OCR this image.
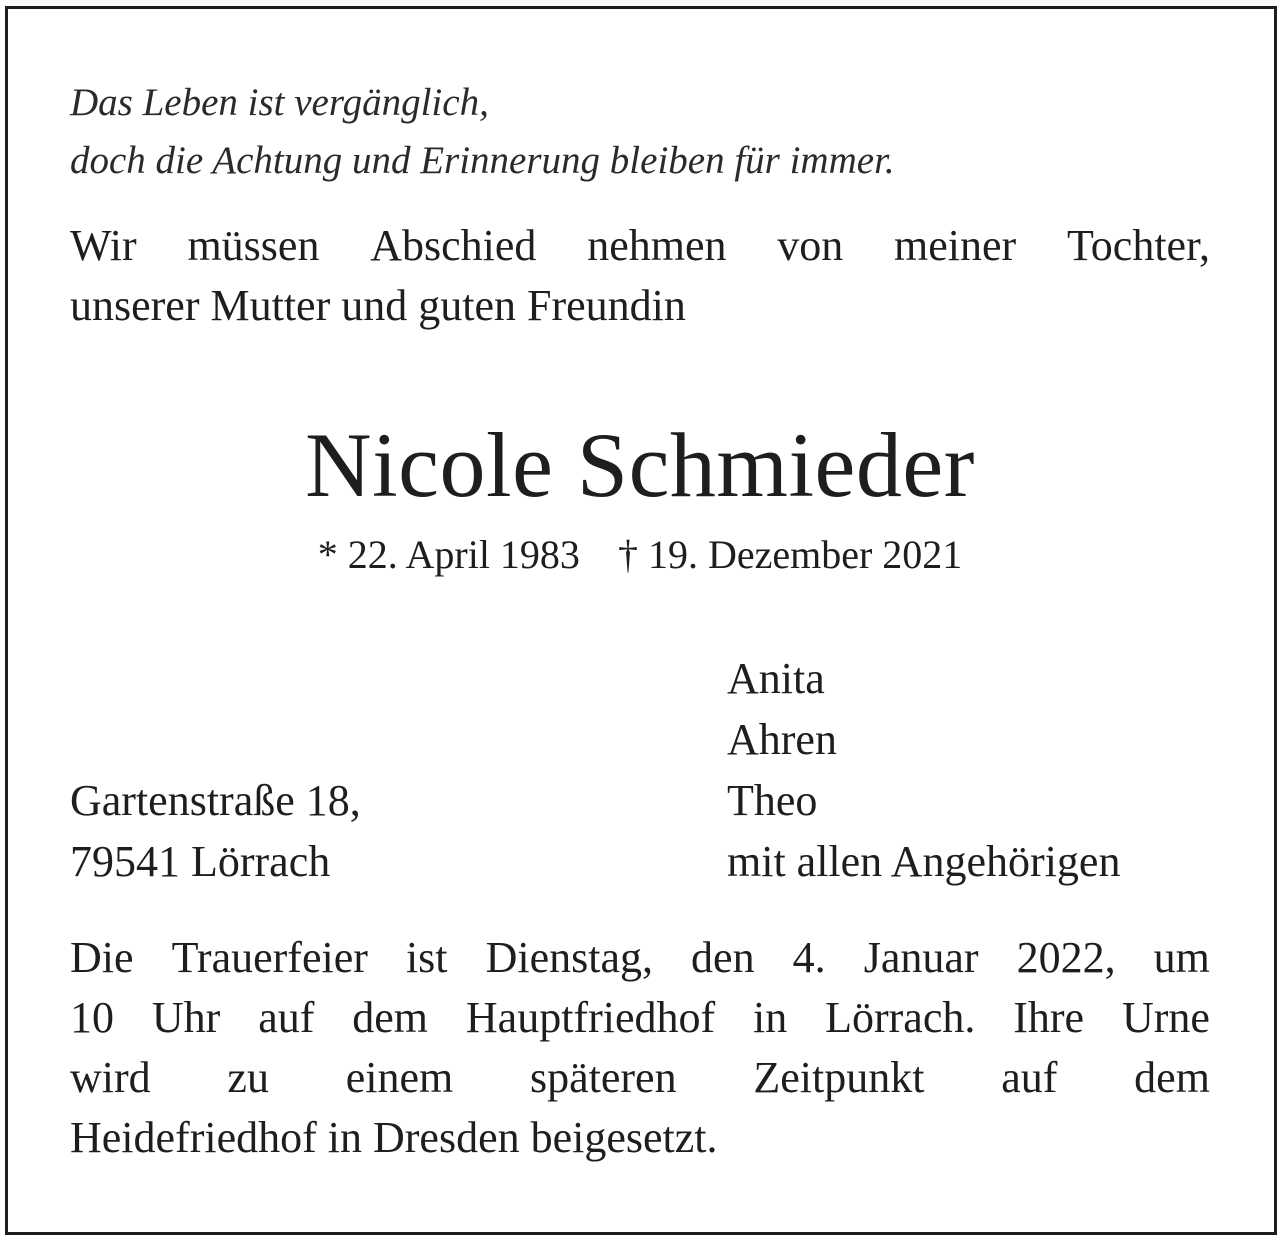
Das Leben ist vergänglich,
doch die Achtung und Erinnerung bleiben für immer.
Wir müssen Abschied nehmen von meiner Tochter,
unserer Mutter und guten Freundin
Nicole Schmieder
* 22. April 1983 † 19. Dezember 2021
Anita
Ahren
Theo
mit allen Angehörigen
Gartenstraße 18,
79541 Lörrach
Die Trauerfeier ist Dienstag, den 4. Januar 2022, um
10 Uhr auf dem Hauptfriedhof in Lörrach. Ihre Urne
wird zu einem späteren Zeitpunkt auf dem
Heidefriedhof in Dresden beigesetzt.
